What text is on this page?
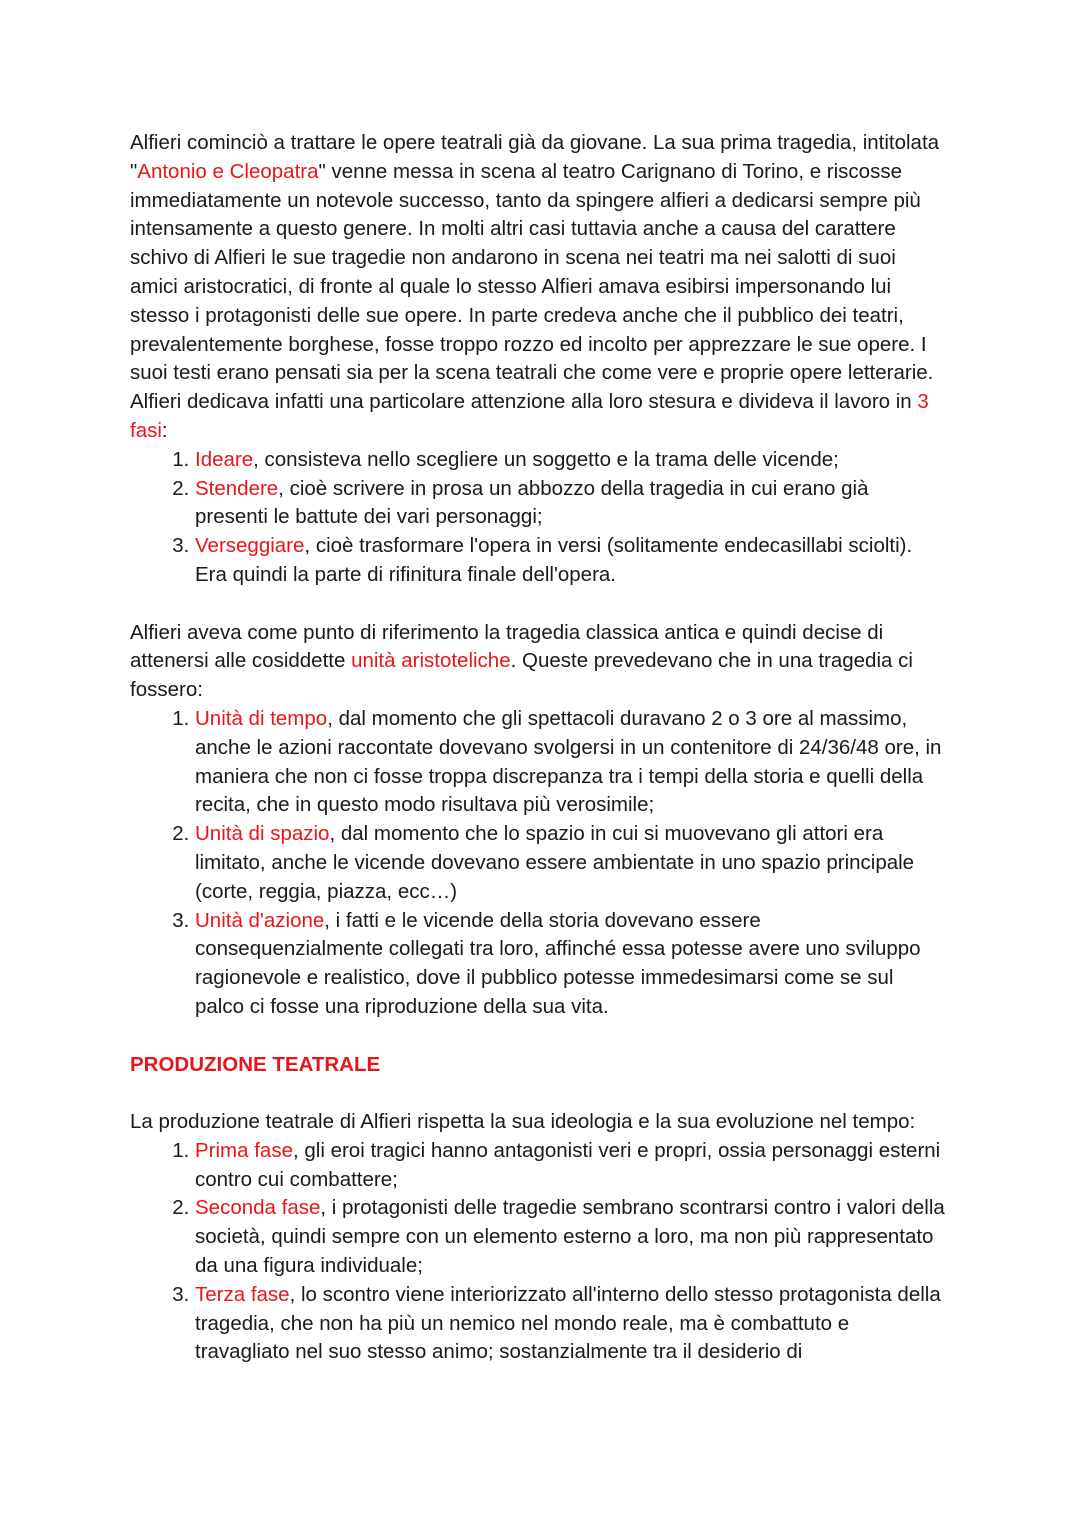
Alfieri cominciò a trattare le opere teatrali già da giovane. La sua prima tragedia, intitolata "Antonio e Cleopatra" venne messa in scena al teatro Carignano di Torino, e riscosse immediatamente un notevole successo, tanto da spingere alfieri a dedicarsi sempre più intensamente a questo genere. In molti altri casi tuttavia anche a causa del carattere schivo di Alfieri le sue tragedie non andarono in scena nei teatri ma nei salotti di suoi amici aristocratici, di fronte al quale lo stesso Alfieri amava esibirsi impersonando lui stesso i protagonisti delle sue opere. In parte credeva anche che il pubblico dei teatri, prevalentemente borghese, fosse troppo rozzo ed incolto per apprezzare le sue opere. I suoi testi erano pensati sia per la scena teatrali che come vere e proprie opere letterarie. Alfieri dedicava infatti una particolare attenzione alla loro stesura e divideva il lavoro in 3 fasi:

1. Ideare, consisteva nello scegliere un soggetto e la trama delle vicende;
2. Stendere, cioè scrivere in prosa un abbozzo della tragedia in cui erano già presenti le battute dei vari personaggi;
3. Verseggiare, cioè trasformare l'opera in versi (solitamente endecasillabi sciolti). Era quindi la parte di rifinitura finale dell'opera.

Alfieri aveva come punto di riferimento la tragedia classica antica e quindi decise di attenersi alle cosiddette unità aristoteliche. Queste prevedevano che in una tragedia ci fossero:

1. Unità di tempo, dal momento che gli spettacoli duravano 2 o 3 ore al massimo, anche le azioni raccontate dovevano svolgersi in un contenitore di 24/36/48 ore, in maniera che non ci fosse troppa discrepanza tra i tempi della storia e quelli della recita, che in questo modo risultava più verosimile;
2. Unità di spazio, dal momento che lo spazio in cui si muovevano gli attori era limitato, anche le vicende dovevano essere ambientate in uno spazio principale (corte, reggia, piazza, ecc…)
3. Unità d'azione, i fatti e le vicende della storia dovevano essere consequenzialmente collegati tra loro, affinché essa potesse avere uno sviluppo ragionevole e realistico, dove il pubblico potesse immedesimarsi come se sul palco ci fosse una riproduzione della sua vita.
PRODUZIONE TEATRALE

La produzione teatrale di Alfieri rispetta la sua ideologia e la sua evoluzione nel tempo:

1. Prima fase, gli eroi tragici hanno antagonisti veri e propri, ossia personaggi esterni contro cui combattere;
2. Seconda fase, i protagonisti delle tragedie sembrano scontrarsi contro i valori della società, quindi sempre con un elemento esterno a loro, ma non più rappresentato da una figura individuale;
3. Terza fase, lo scontro viene interiorizzato all'interno dello stesso protagonista della tragedia, che non ha più un nemico nel mondo reale, ma è combattuto e travagliato nel suo stesso animo; sostanzialmente tra il desiderio di
